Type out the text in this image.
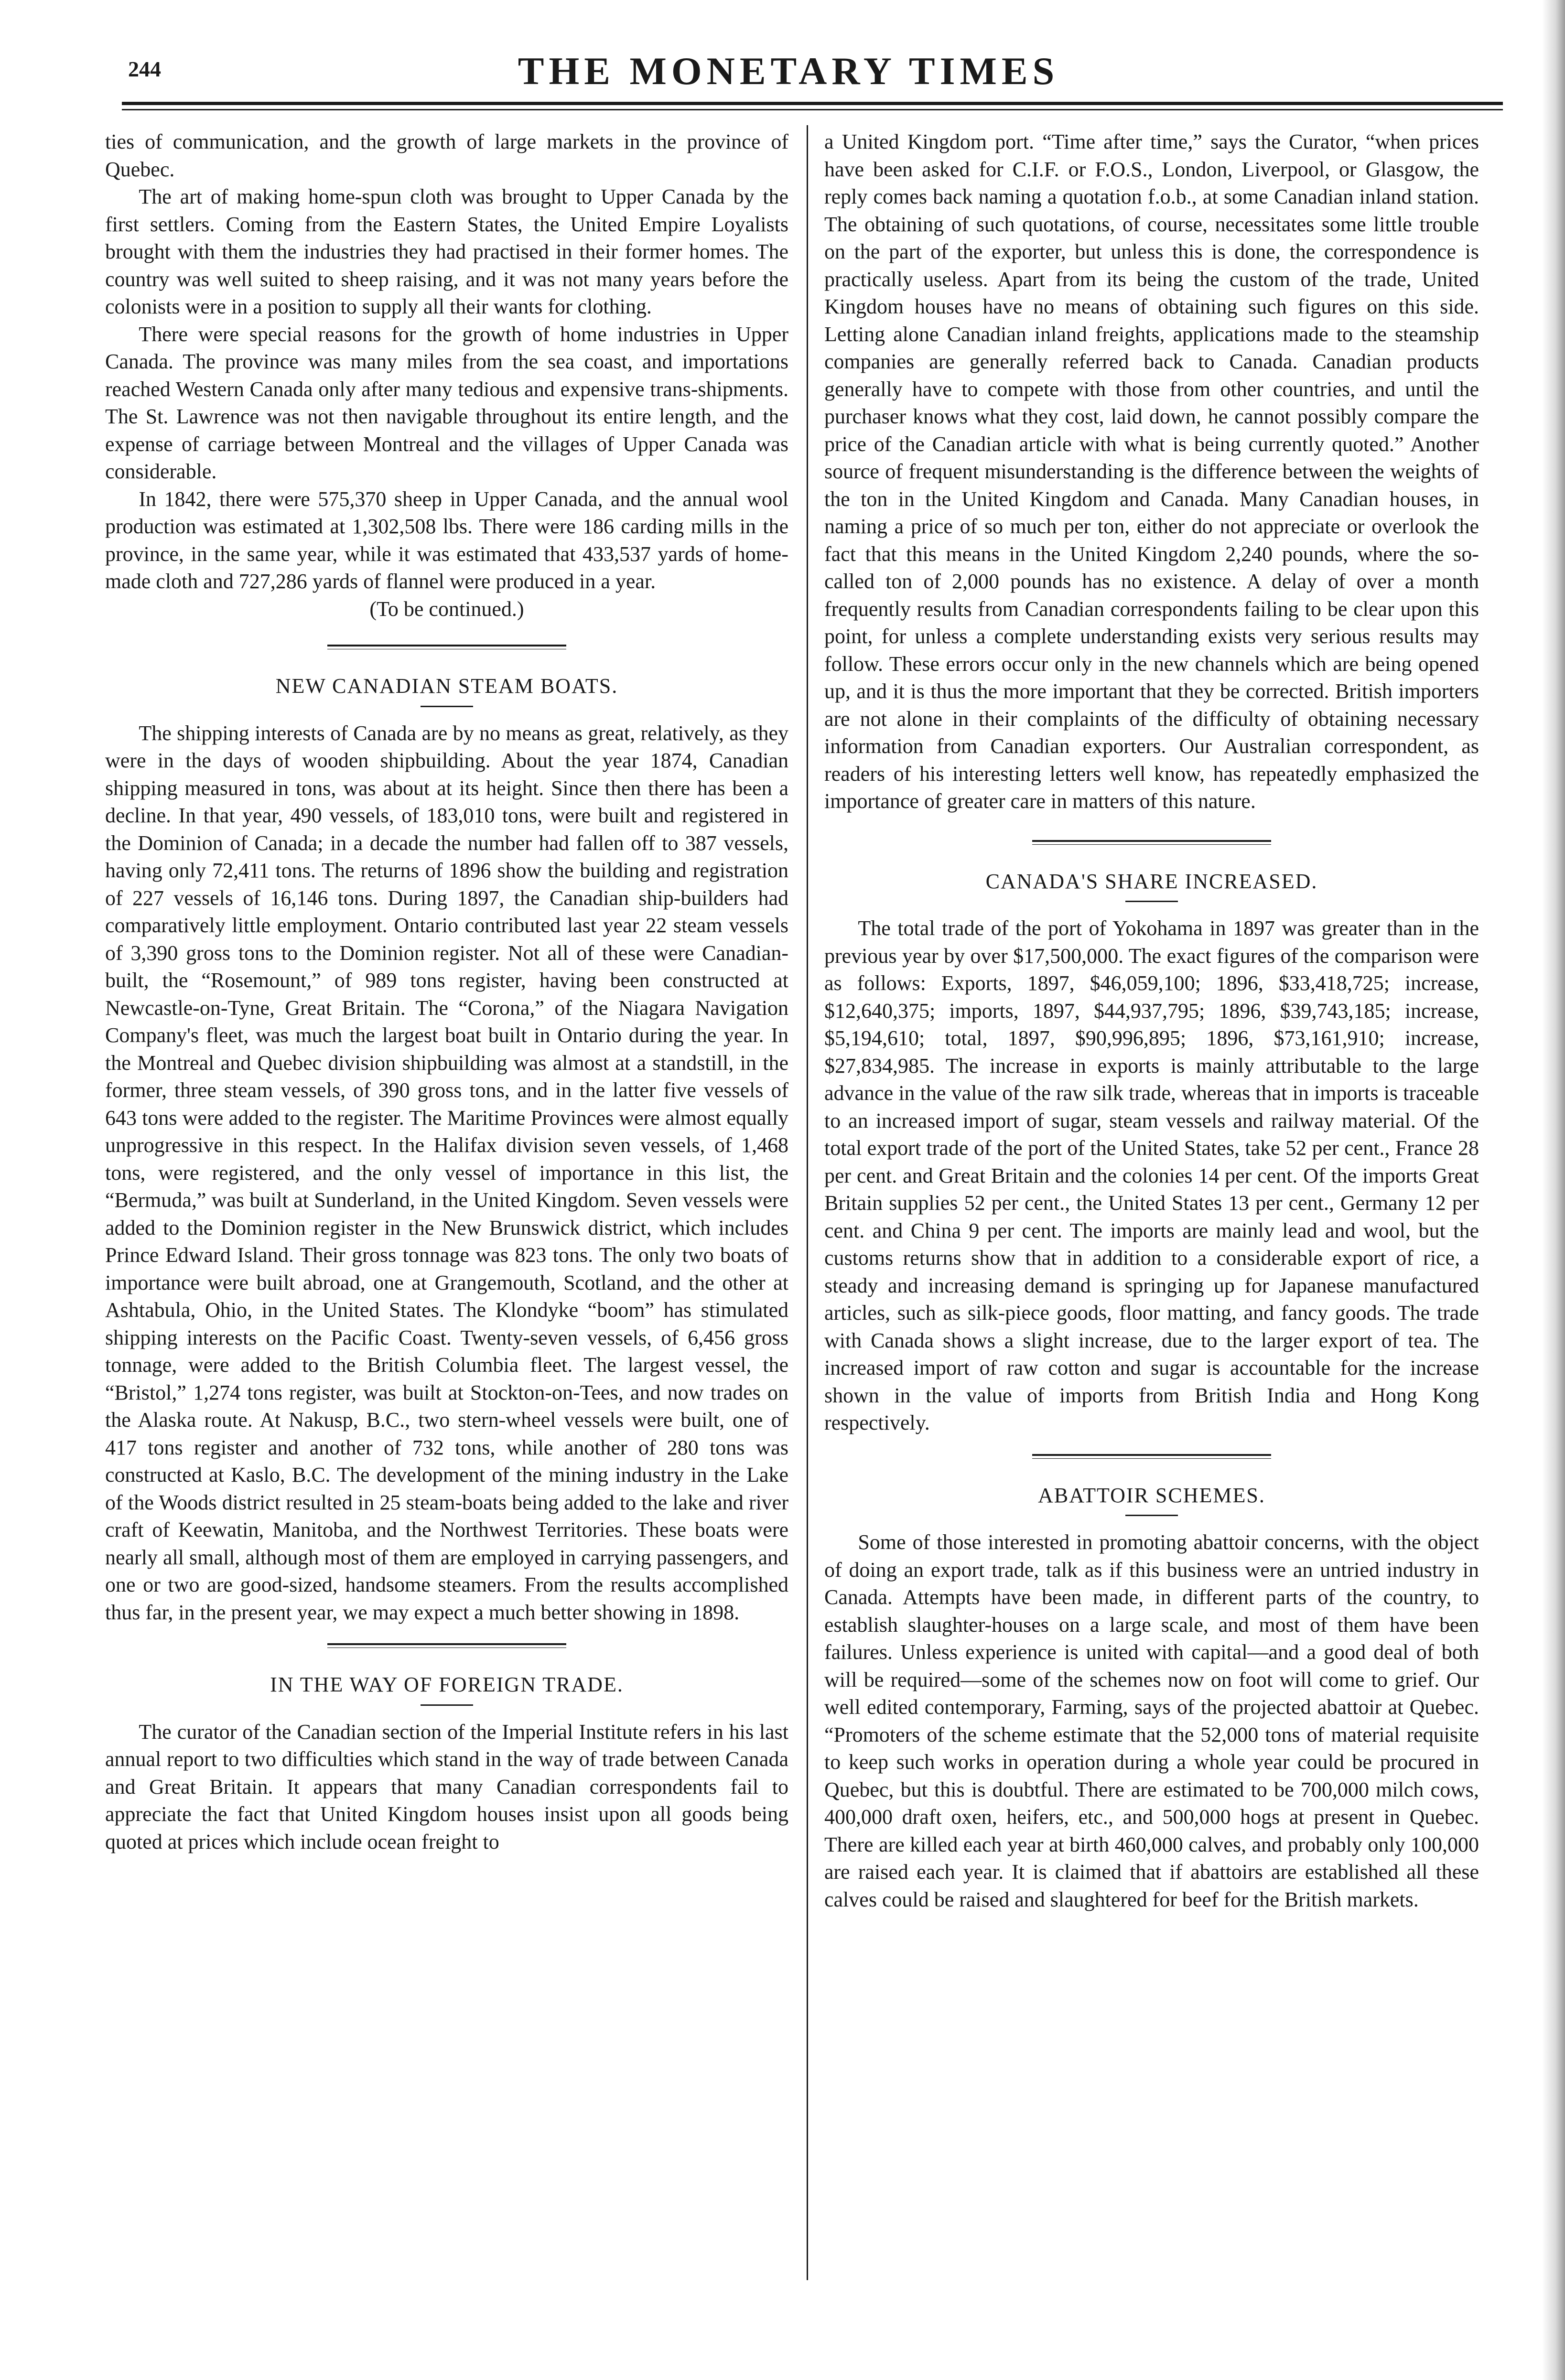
244	THE MONETARY TIMES

ties of communication, and the growth of large markets in the province of Quebec.

The art of making home-spun cloth was brought to Upper Canada by the first settlers. Coming from the Eastern States, the United Empire Loyalists brought with them the industries they had practised in their former homes. The country was well suited to sheep raising, and it was not many years before the colonists were in a position to supply all their wants for clothing.

There were special reasons for the growth of home industries in Upper Canada. The province was many miles from the sea coast, and importations reached Western Canada only after many tedious and expensive trans-shipments. The St. Lawrence was not then navigable throughout its entire length, and the expense of carriage between Montreal and the villages of Upper Canada was considerable.

In 1842, there were 575,370 sheep in Upper Canada, and the annual wool production was estimated at 1,302,508 lbs. There were 186 carding mills in the province, in the same year, while it was estimated that 433,537 yards of home-made cloth and 727,286 yards of flannel were produced in a year.

(To be continued.)

NEW CANADIAN STEAM BOATS.

The shipping interests of Canada are by no means as great, relatively, as they were in the days of wooden shipbuilding. About the year 1874, Canadian shipping measured in tons, was about at its height. Since then there has been a decline. In that year, 490 vessels, of 183,010 tons, were built and registered in the Dominion of Canada; in a decade the number had fallen off to 387 vessels, having only 72,411 tons. The returns of 1896 show the building and registration of 227 vessels of 16,146 tons. During 1897, the Canadian ship-builders had comparatively little employment. Ontario contributed last year 22 steam vessels of 3,390 gross tons to the Dominion register. Not all of these were Canadian-built, the “Rosemount,” of 989 tons register, having been constructed at Newcastle-on-Tyne, Great Britain. The “Corona,” of the Niagara Navigation Company's fleet, was much the largest boat built in Ontario during the year. In the Montreal and Quebec division shipbuilding was almost at a standstill, in the former, three steam vessels, of 390 gross tons, and in the latter five vessels of 643 tons were added to the register. The Maritime Provinces were almost equally unprogressive in this respect. In the Halifax division seven vessels, of 1,468 tons, were registered, and the only vessel of importance in this list, the “Bermuda,” was built at Sunderland, in the United Kingdom. Seven vessels were added to the Dominion register in the New Brunswick district, which includes Prince Edward Island. Their gross tonnage was 823 tons. The only two boats of importance were built abroad, one at Grangemouth, Scotland, and the other at Ashtabula, Ohio, in the United States. The Klondyke “boom” has stimulated shipping interests on the Pacific Coast. Twenty-seven vessels, of 6,456 gross tonnage, were added to the British Columbia fleet. The largest vessel, the “Bristol,” 1,274 tons register, was built at Stockton-on-Tees, and now trades on the Alaska route. At Nakusp, B.C., two stern-wheel vessels were built, one of 417 tons register and another of 732 tons, while another of 280 tons was constructed at Kaslo, B.C. The development of the mining industry in the Lake of the Woods district resulted in 25 steam-boats being added to the lake and river craft of Keewatin, Manitoba, and the Northwest Territories. These boats were nearly all small, although most of them are employed in carrying passengers, and one or two are good-sized, handsome steamers. From the results accomplished thus far, in the present year, we may expect a much better showing in 1898.

IN THE WAY OF FOREIGN TRADE.

The curator of the Canadian section of the Imperial Institute refers in his last annual report to two difficulties which stand in the way of trade between Canada and Great Britain. It appears that many Canadian correspondents fail to appreciate the fact that United Kingdom houses insist upon all goods being quoted at prices which include ocean freight to

a United Kingdom port. “Time after time,” says the Curator, “when prices have been asked for C.I.F. or F.O.S., London, Liverpool, or Glasgow, the reply comes back naming a quotation f.o.b., at some Canadian inland station. The obtaining of such quotations, of course, necessitates some little trouble on the part of the exporter, but unless this is done, the correspondence is practically useless. Apart from its being the custom of the trade, United Kingdom houses have no means of obtaining such figures on this side. Letting alone Canadian inland freights, applications made to the steamship companies are generally referred back to Canada. Canadian products generally have to compete with those from other countries, and until the purchaser knows what they cost, laid down, he cannot possibly compare the price of the Canadian article with what is being currently quoted.” Another source of frequent misunderstanding is the difference between the weights of the ton in the United Kingdom and Canada. Many Canadian houses, in naming a price of so much per ton, either do not appreciate or overlook the fact that this means in the United Kingdom 2,240 pounds, where the so-called ton of 2,000 pounds has no existence. A delay of over a month frequently results from Canadian correspondents failing to be clear upon this point, for unless a complete understanding exists very serious results may follow. These errors occur only in the new channels which are being opened up, and it is thus the more important that they be corrected. British importers are not alone in their complaints of the difficulty of obtaining necessary information from Canadian exporters. Our Australian correspondent, as readers of his interesting letters well know, has repeatedly emphasized the importance of greater care in matters of this nature.

CANADA'S SHARE INCREASED.

The total trade of the port of Yokohama in 1897 was greater than in the previous year by over $17,500,000. The exact figures of the comparison were as follows: Exports, 1897, $46,059,100; 1896, $33,418,725; increase, $12,640,375; imports, 1897, $44,937,795; 1896, $39,743,185; increase, $5,194,610; total, 1897, $90,996,895; 1896, $73,161,910; increase, $27,834,985. The increase in exports is mainly attributable to the large advance in the value of the raw silk trade, whereas that in imports is traceable to an increased import of sugar, steam vessels and railway material. Of the total export trade of the port of the United States, take 52 per cent., France 28 per cent. and Great Britain and the colonies 14 per cent. Of the imports Great Britain supplies 52 per cent., the United States 13 per cent., Germany 12 per cent. and China 9 per cent. The imports are mainly lead and wool, but the customs returns show that in addition to a considerable export of rice, a steady and increasing demand is springing up for Japanese manufactured articles, such as silk-piece goods, floor matting, and fancy goods. The trade with Canada shows a slight increase, due to the larger export of tea. The increased import of raw cotton and sugar is accountable for the increase shown in the value of imports from British India and Hong Kong respectively.

ABATTOIR SCHEMES.

Some of those interested in promoting abattoir concerns, with the object of doing an export trade, talk as if this business were an untried industry in Canada. Attempts have been made, in different parts of the country, to establish slaughter-houses on a large scale, and most of them have been failures. Unless experience is united with capital—and a good deal of both will be required—some of the schemes now on foot will come to grief. Our well edited contemporary, Farming, says of the projected abattoir at Quebec. “Promoters of the scheme estimate that the 52,000 tons of material requisite to keep such works in operation during a whole year could be procured in Quebec, but this is doubtful. There are estimated to be 700,000 milch cows, 400,000 draft oxen, heifers, etc., and 500,000 hogs at present in Quebec. There are killed each year at birth 460,000 calves, and probably only 100,000 are raised each year. It is claimed that if abattoirs are established all these calves could be raised and slaughtered for beef for the British markets.
